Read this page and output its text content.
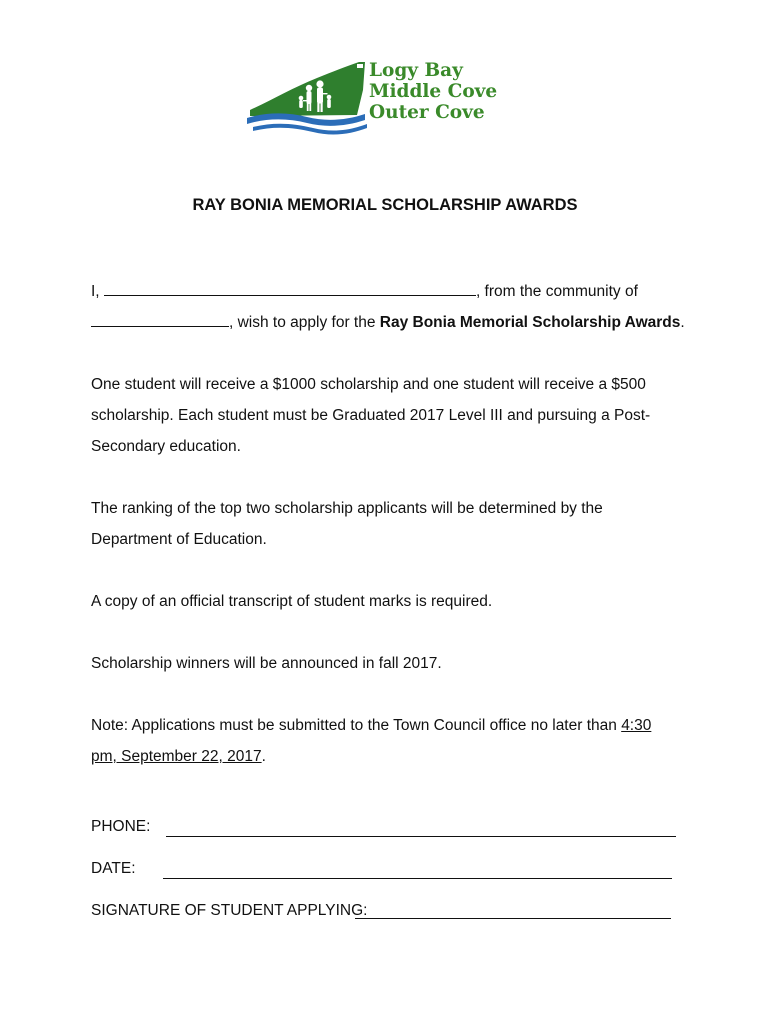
Logy Bay
Middle Cove
Outer Cove
RAY BONIA MEMORIAL SCHOLARSHIP AWARDS
I,	, from the community of
, wish to apply for the Ray Bonia Memorial Scholarship Awards.
One student will receive a $1000 scholarship and one student will receive a $500
scholarship. Each student must be Graduated 2017 Level III and pursuing a Post-
Secondary education.
The ranking of the top two scholarship applicants will be determined by the
Department of Education.
A copy of an official transcript of student marks is required.
Scholarship winners will be announced in fall 2017.
Note: Applications must be submitted to the Town Council office no later than 4:30
pm, September 22, 2017.
PHONE:
DATE:
SIGNATURE OF STUDENT APPLYING:
